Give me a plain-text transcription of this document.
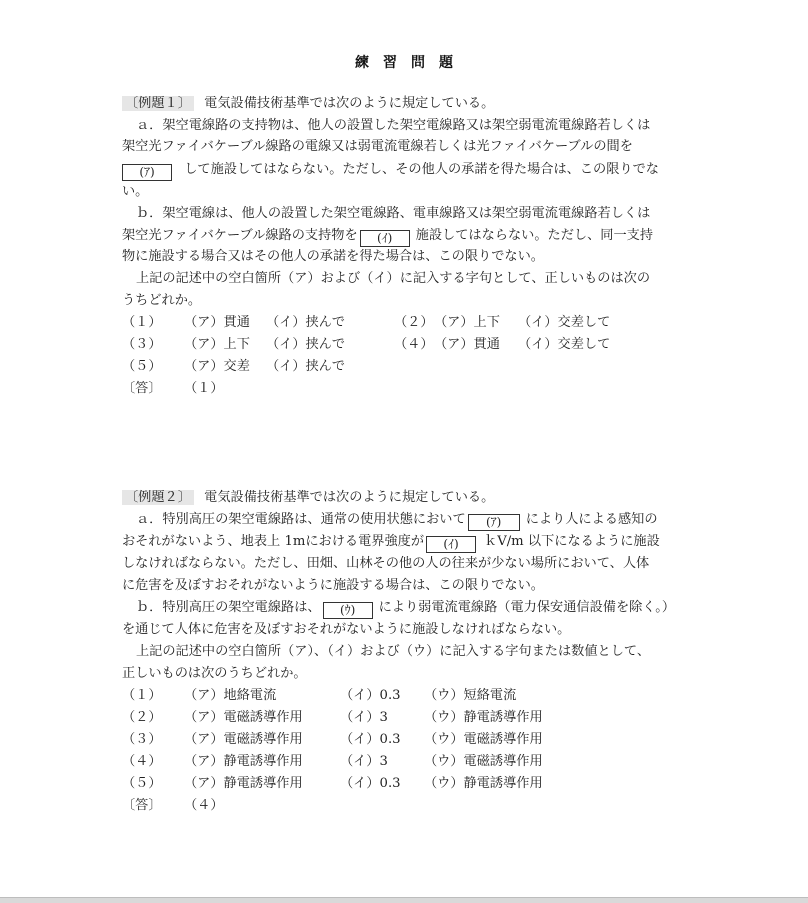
練習問題
〔例題１〕 電気設備技術基準では次のように規定している。
ａ．架空電線路の支持物は、他人の設置した架空電線路又は架空弱電流電線路若しくは
架空光ファイバケーブル線路の電線又は弱電流電線若しくは光ファイバケーブルの間を
(ｱ) して施設してはならない。ただし、その他人の承諾を得た場合は、この限りでな
い。
ｂ．架空電線は、他人の設置した架空電線路、電車線路又は架空弱電流電線路若しくは
架空光ファイバケーブル線路の支持物を (ｲ) 施設してはならない。ただし、同一支持
物に施設する場合又はその他人の承諾を得た場合は、この限りでない。
上記の記述中の空白箇所（ア）および（イ）に記入する字句として、正しいものは次の
うちどれか。
（１） （ア）貫通 （イ）挟んで	（２） （ア）上下 （イ）交差して
（３） （ア）上下 （イ）挟んで	（４） （ア）貫通 （イ）交差して
（５） （ア）交差 （イ）挟んで
〔答〕 （１）
〔例題２〕 電気設備技術基準では次のように規定している。
ａ．特別高圧の架空電線路は、通常の使用状態において (ｱ) により人による感知の
おそれがないよう、地表上 1mにおける電界強度が (ｲ) ｋV/m 以下になるように施設
しなければならない。ただし、田畑、山林その他の人の往来が少ない場所において、人体
に危害を及ぼすおそれがないように施設する場合は、この限りでない。
ｂ．特別高圧の架空電線路は、 (ｳ) により弱電流電線路（電力保安通信設備を除く。）
を通じて人体に危害を及ぼすおそれがないように施設しなければならない。
上記の記述中の空白箇所（ア）、（イ）および（ウ）に記入する字句または数値として、
正しいものは次のうちどれか。
（１） （ア）地絡電流	（イ）0.3 （ウ）短絡電流
（２） （ア）電磁誘導作用	（イ）3	（ウ）静電誘導作用
（３） （ア）電磁誘導作用	（イ）0.3 （ウ）電磁誘導作用
（４） （ア）静電誘導作用	（イ）3	（ウ）電磁誘導作用
（５） （ア）静電誘導作用	（イ）0.3 （ウ）静電誘導作用
〔答〕 （４）
